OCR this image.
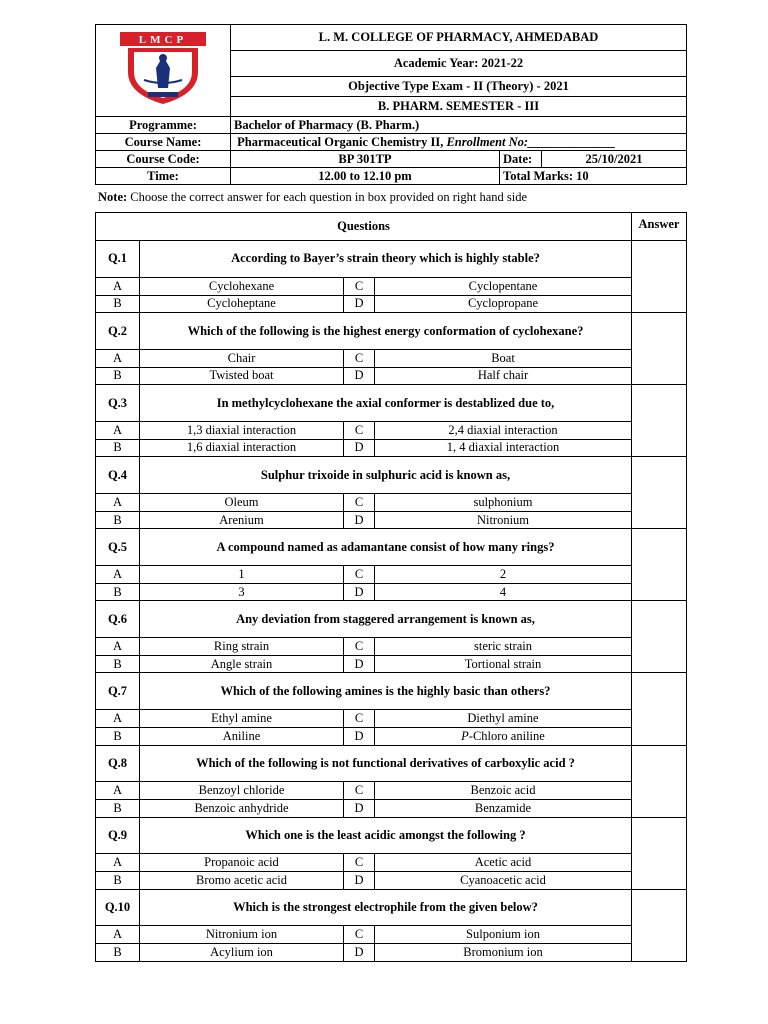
LMCP	L. M. COLLEGE OF PHARMACY, AHMEDABAD		
	Academic Year: 2021-22		
	Objective Type Exam - II (Theory) - 2021		
	B. PHARM. SEMESTER - III		
Programme:	Bachelor of Pharmacy (B. Pharm.)		
Course Name:	Pharmaceutical Organic Chemistry II, Enrollment No:______________		
Course Code:	BP 301TP	Date:	25/10/2021
Time:	12.00 to 12.10 pm	Total Marks: 10	
Note: Choose the correct answer for each question in box provided on right hand side
Questions				Answer
Q.1	According to Bayer’s strain theory which is highly stable?			
A	Cyclohexane	C	Cyclopentane	
B	Cycloheptane	D	Cyclopropane	
Q.2	Which of the following is the highest energy conformation of cyclohexane?			
A	Chair	C	Boat	
B	Twisted boat	D	Half chair	
Q.3	In methylcyclohexane the axial conformer is destablized due to,			
A	1,3 diaxial interaction	C	2,4 diaxial interaction	
B	1,6 diaxial interaction	D	1, 4 diaxial interaction	
Q.4	Sulphur trixoide in sulphuric acid is known as,			
A	Oleum	C	sulphonium	
B	Arenium	D	Nitronium	
Q.5	A compound named as adamantane consist of how many rings?			
A	1	C	2	
B	3	D	4	
Q.6	Any deviation from staggered arrangement is known as,			
A	Ring strain	C	steric strain	
B	Angle strain	D	Tortional strain	
Q.7	Which of the following amines is the highly basic than others?			
A	Ethyl amine	C	Diethyl amine	
B	Aniline	D	P-Chloro aniline	
Q.8	Which of the following is not functional derivatives of carboxylic acid ?			
A	Benzoyl chloride	C	Benzoic acid	
B	Benzoic anhydride	D	Benzamide	
Q.9	Which one is the least acidic amongst the following ?			
A	Propanoic acid	C	Acetic acid	
B	Bromo acetic acid	D	Cyanoacetic acid	
Q.10	Which is the strongest electrophile from the given below?			
A	Nitronium ion	C	Sulponium ion	
B	Acylium ion	D	Bromonium ion	
